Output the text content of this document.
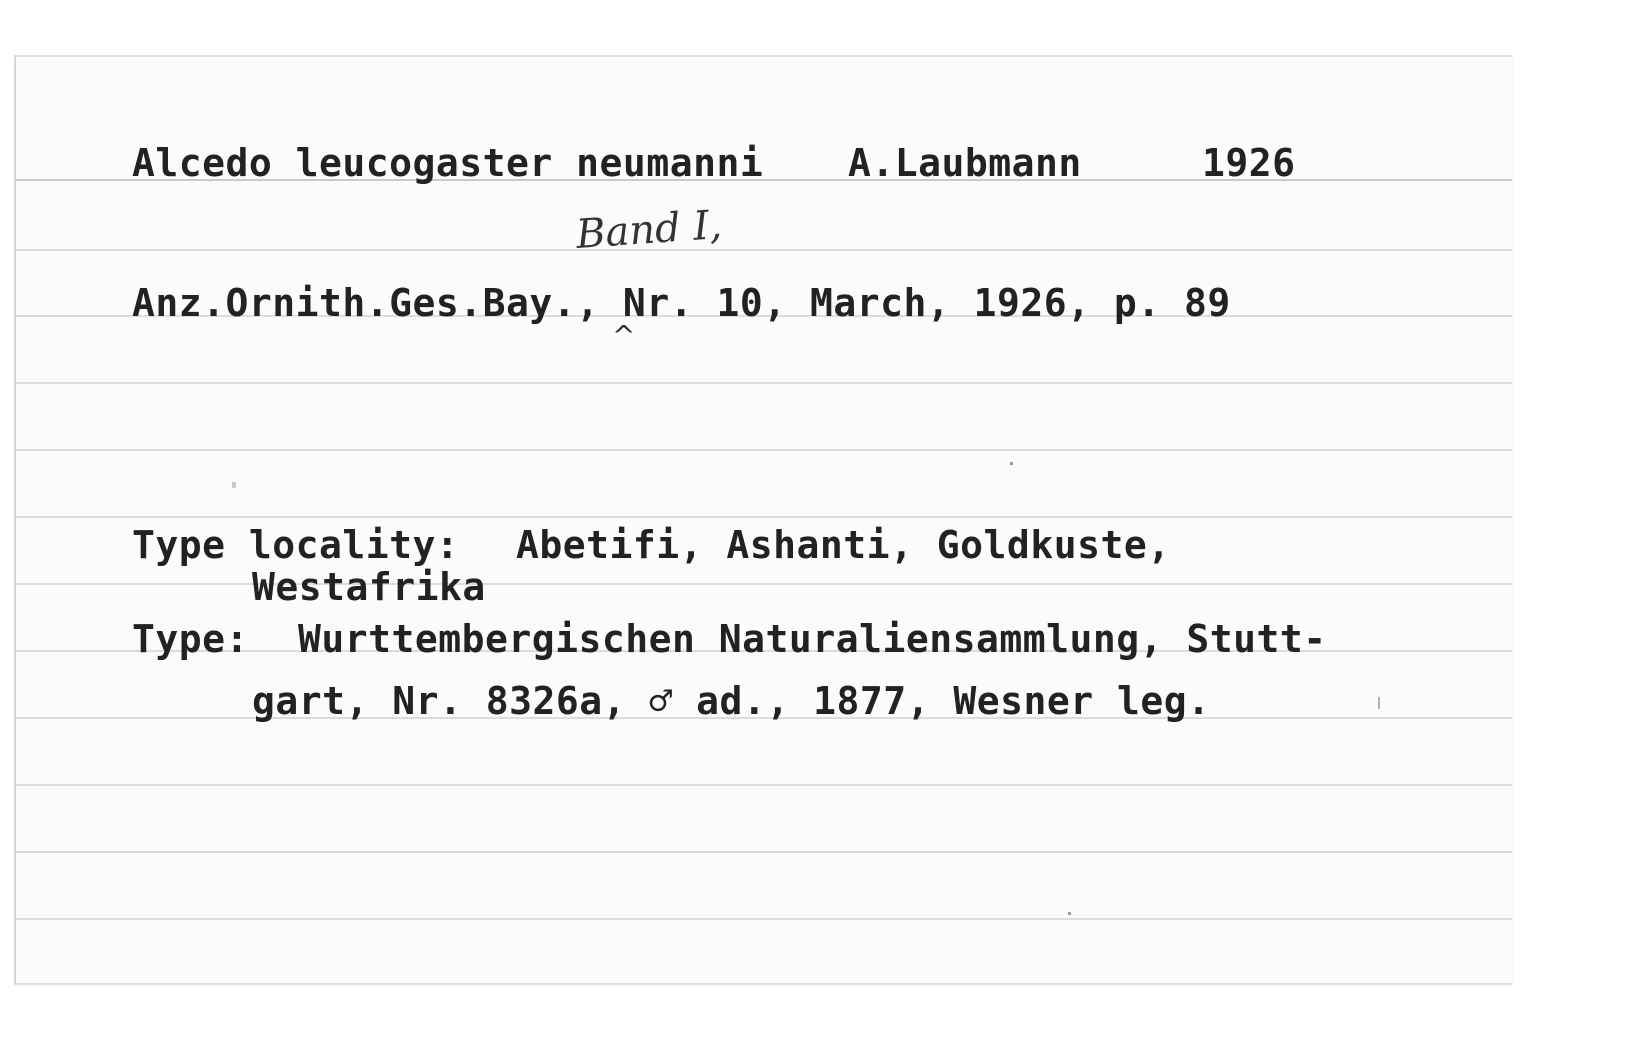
Alcedo leucogaster neumanni A.Laubmann	1926
Band I,
Anz.Ornith.Ges.Bay., Nr. 10, March, 1926, p. 89
^
Type locality: Abetifi, Ashanti, Goldkuste,
Westafrika
Type: Wurttembergischen Naturaliensammlung, Stutt-
gart, Nr. 8326a, ♂ ad., 1877, Wesner leg.
